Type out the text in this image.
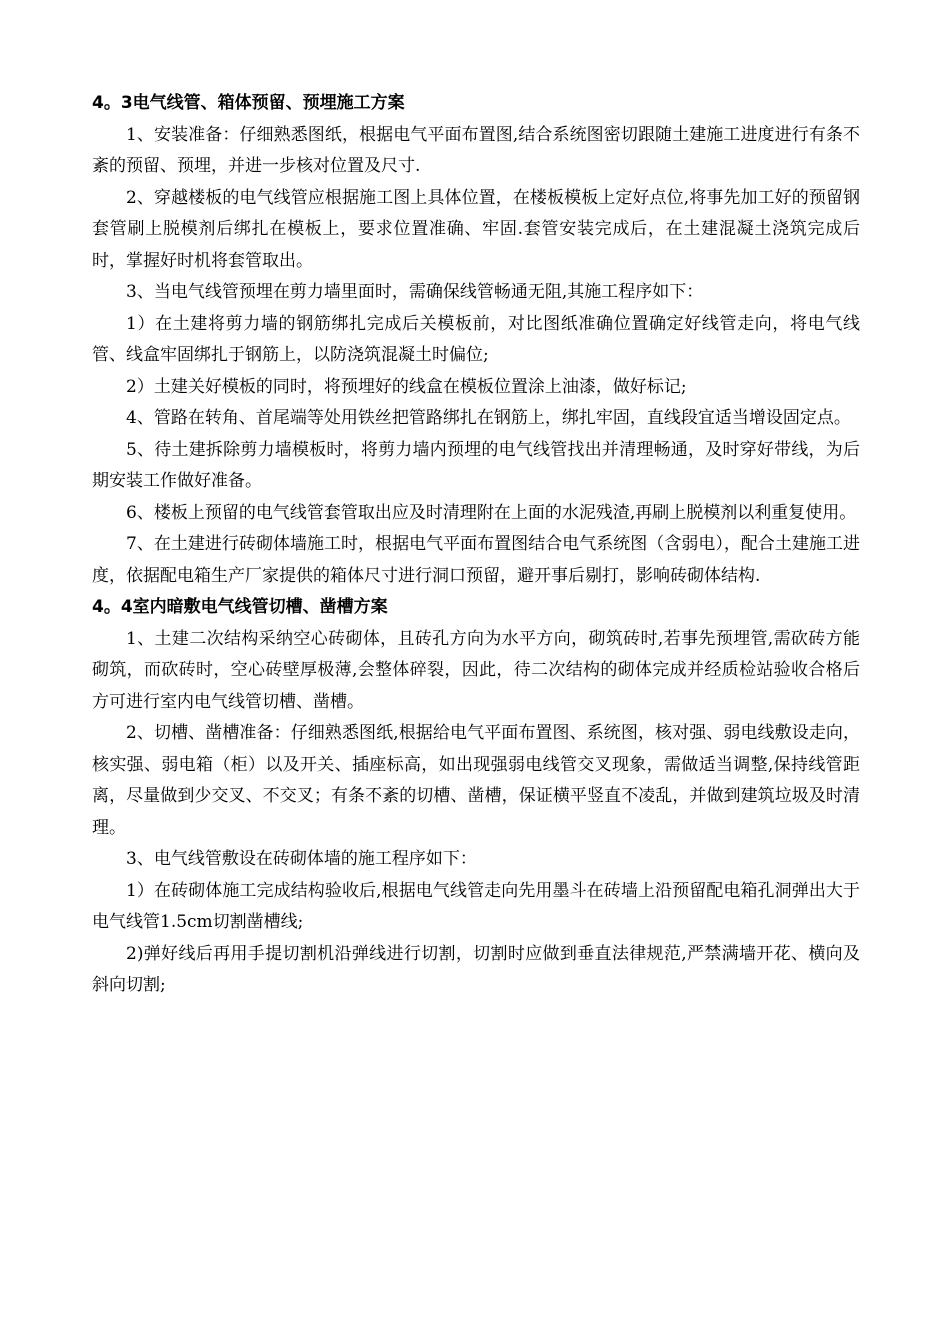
4。3电气线管、箱体预留、预埋施工方案

1、安装准备：仔细熟悉图纸，根据电气平面布置图,结合系统图密切跟随土建施工进度进行有条不紊的预留、预埋，并进一步核对位置及尺寸.

2、穿越楼板的电气线管应根据施工图上具体位置，在楼板模板上定好点位,将事先加工好的预留钢套管刷上脱模剂后绑扎在模板上，要求位置准确、牢固.套管安装完成后，在土建混凝土浇筑完成后时，掌握好时机将套管取出。

3、当电气线管预埋在剪力墙里面时，需确保线管畅通无阻,其施工程序如下：

1）在土建将剪力墙的钢筋绑扎完成后关模板前，对比图纸准确位置确定好线管走向，将电气线管、线盒牢固绑扎于钢筋上，以防浇筑混凝土时偏位;

2）土建关好模板的同时，将预埋好的线盒在模板位置涂上油漆，做好标记;

4、管路在转角、首尾端等处用铁丝把管路绑扎在钢筋上，绑扎牢固，直线段宜适当增设固定点。

5、待土建拆除剪力墙模板时，将剪力墙内预埋的电气线管找出并清理畅通，及时穿好带线，为后期安装工作做好准备。

6、楼板上预留的电气线管套管取出应及时清理附在上面的水泥残渣,再刷上脱模剂以利重复使用。

7、在土建进行砖砌体墙施工时，根据电气平面布置图结合电气系统图（含弱电），配合土建施工进度，依据配电箱生产厂家提供的箱体尺寸进行洞口预留，避开事后剔打，影响砖砌体结构.

4。4室内暗敷电气线管切槽、凿槽方案

1、土建二次结构采纳空心砖砌体，且砖孔方向为水平方向，砌筑砖时,若事先预埋管,需砍砖方能砌筑，而砍砖时，空心砖壁厚极薄,会整体碎裂，因此，待二次结构的砌体完成并经质检站验收合格后方可进行室内电气线管切槽、凿槽。

2、切槽、凿槽准备：仔细熟悉图纸,根据给电气平面布置图、系统图，核对强、弱电线敷设走向，核实强、弱电箱（柜）以及开关、插座标高，如出现强弱电线管交叉现象，需做适当调整,保持线管距离，尽量做到少交叉、不交叉；有条不紊的切槽、凿槽，保证横平竖直不凌乱，并做到建筑垃圾及时清理。

3、电气线管敷设在砖砌体墙的施工程序如下：

1）在砖砌体施工完成结构验收后,根据电气线管走向先用墨斗在砖墙上沿预留配电箱孔洞弹出大于电气线管1.5cm切割凿槽线;

2)弹好线后再用手提切割机沿弹线进行切割，切割时应做到垂直法律规范,严禁满墙开花、横向及斜向切割;
